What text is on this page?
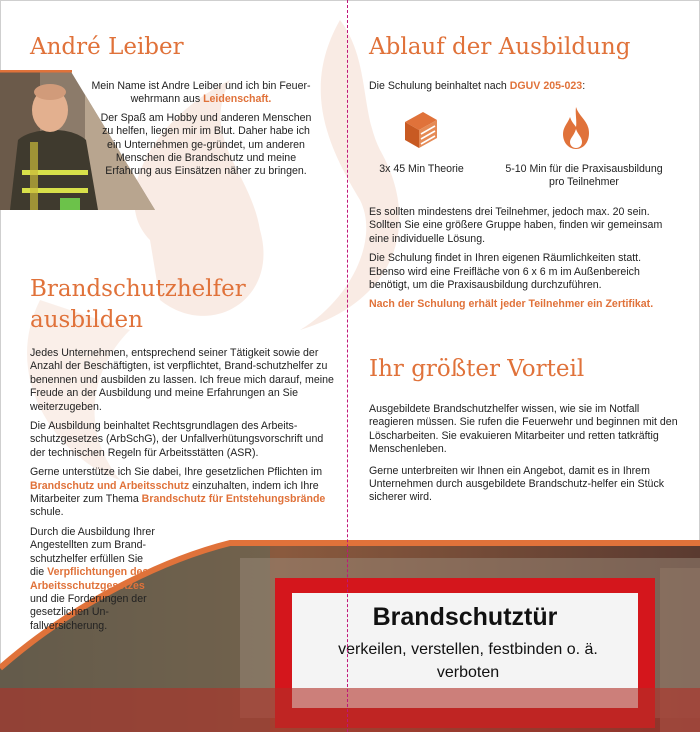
André Leiber

Mein Name ist Andre Leiber und ich bin Feuer-wehrmann aus Leidenschaft.

Der Spaß am Hobby und anderen Menschen zu helfen, liegen mir im Blut. Daher habe ich ein Unternehmen ge-gründet, um anderen Menschen die Brandschutz und meine Erfahrung aus Einsätzen näher zu bringen.

Brandschutzhelfer
ausbilden

Jedes Unternehmen, entsprechend seiner Tätigkeit sowie der Anzahl der Beschäftigten, ist verpflichtet, Brand-schutzhelfer zu benennen und ausbilden zu lassen. Ich freue mich darauf, meine Freude an der Ausbildung und meine Erfahrungen an Sie weiterzugeben.

Die Ausbildung beinhaltet Rechtsgrundlagen des Arbeits-schutzgesetzes (ArbSchG), der Unfallverhütungsvorschrift und der technischen Regeln für Arbeitsstätten (ASR).

Gerne unterstütze ich Sie dabei, Ihre gesetzlichen Pflichten im Brandschutz und Arbeitsschutz einzuhalten, indem ich Ihre Mitarbeiter zum Thema Brandschutz für Entstehungsbrände schule.

Durch die Ausbildung Ihrer Angestellten zum Brand-schutzhelfer erfüllen Sie die Verpflichtungen des Arbeitsschutzgesetzes und die Forderungen der gesetzlichen Un-fallversicherung.

Ablauf der Ausbildung

Die Schulung beinhaltet nach DGUV 205-023:

3x 45 Min Theorie	5-10 Min für die Praxisausbildung
pro Teilnehmer

Es sollten mindestens drei Teilnehmer, jedoch max. 20 sein. Sollten Sie eine größere Gruppe haben, finden wir gemeinsam eine individuelle Lösung.

Die Schulung findet in Ihren eigenen Räumlichkeiten statt. Ebenso wird eine Freifläche von 6 x 6 m im Außenbereich benötigt, um die Praxisausbildung durchzuführen.

Nach der Schulung erhält jeder Teilnehmer ein Zertifikat.

Ihr größter Vorteil

Ausgebildete Brandschutzhelfer wissen, wie sie im Notfall reagieren müssen. Sie rufen die Feuerwehr und beginnen mit den Löscharbeiten. Sie evakuieren Mitarbeiter und retten tatkräftig Menschenleben.

Gerne unterbreiten wir Ihnen ein Angebot, damit es in Ihrem Unternehmen durch ausgebildete Brandschutz-helfer ein Stück sicherer wird.

Brandschutztür
verkeilen, verstellen, festbinden o. ä.
verboten
